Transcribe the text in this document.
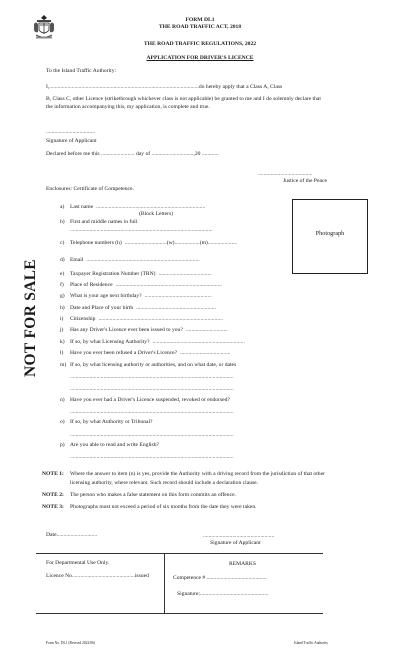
FORM DL1
THE ROAD TRAFFIC ACT, 2018
THE ROAD TRAFFIC REGULATIONS, 2022
APPLICATION FOR DRIVER'S LICENCE
To the Island Traffic Authority:
I,...........................................................................................................do hereby apply that a Class A, Class
B, Class C, other Licence (strikethrough whichever class is not applicable) be granted to me and I do solemnly declare that
the information accompanying this, my application, is complete and true.
...................................
Signature of Applicant
Declared before me this ........................ day of ..............................,20 ............
.......................................
Justice of the Peace
Enclosures: Certificate of Competence.
Photograph
NOT FOR SALE
a) Last name ..............................................................................
(Block Letters)
b) First and middle names in full
......................................................................................................
c) Telephone numbers (h) ..............................(w)..................(m).....................
d) Email .................................................................................
e) Taxpayer Registration Number (TRN) ......................................
f) Place of Residence ............................................................................
g) What is your age next birthday? ................................................
h) Date and Place of your birth .........................................................
i) Citizenship .........................................................................................
j) Has any Driver's Licence ever been issued to you? ..............................
k) If so, by what Licensing Authority? ..................................................................
l) Have you ever been refused a Driver's Licence? ....................................
m) If so, by what licensing authority or authorities, and on what date, or dates
.....................................................................................................................
.....................................................................................................................
n) Have you ever had a Driver's Licence suspended, revoked or endorsed?
.....................................................................................................................
o) If so, by what Authority or Tribunal?
.....................................................................................................................
p) Are you able to read and write English?
.....................................................................................................................
NOTE 1: Where the answer to item (n) is yes, provide the Authority with a driving record from the jurisdiction of that other
licensing authority, where relevant. Such record should include a declaration clause.
NOTE 2: The person who makes a false statement on this form commits an offence.
NOTE 3: Photographs must not exceed a period of six months from the date they were taken.
Date.............................	...................................................
Signature of Applicant
For Departmental Use Only.
Licence No.............................................issued
REMARKS
Competence # ...........................................
Signature:.................................................
Form No. DL1 (Revised 2022/06)	Island Traffic Authority
